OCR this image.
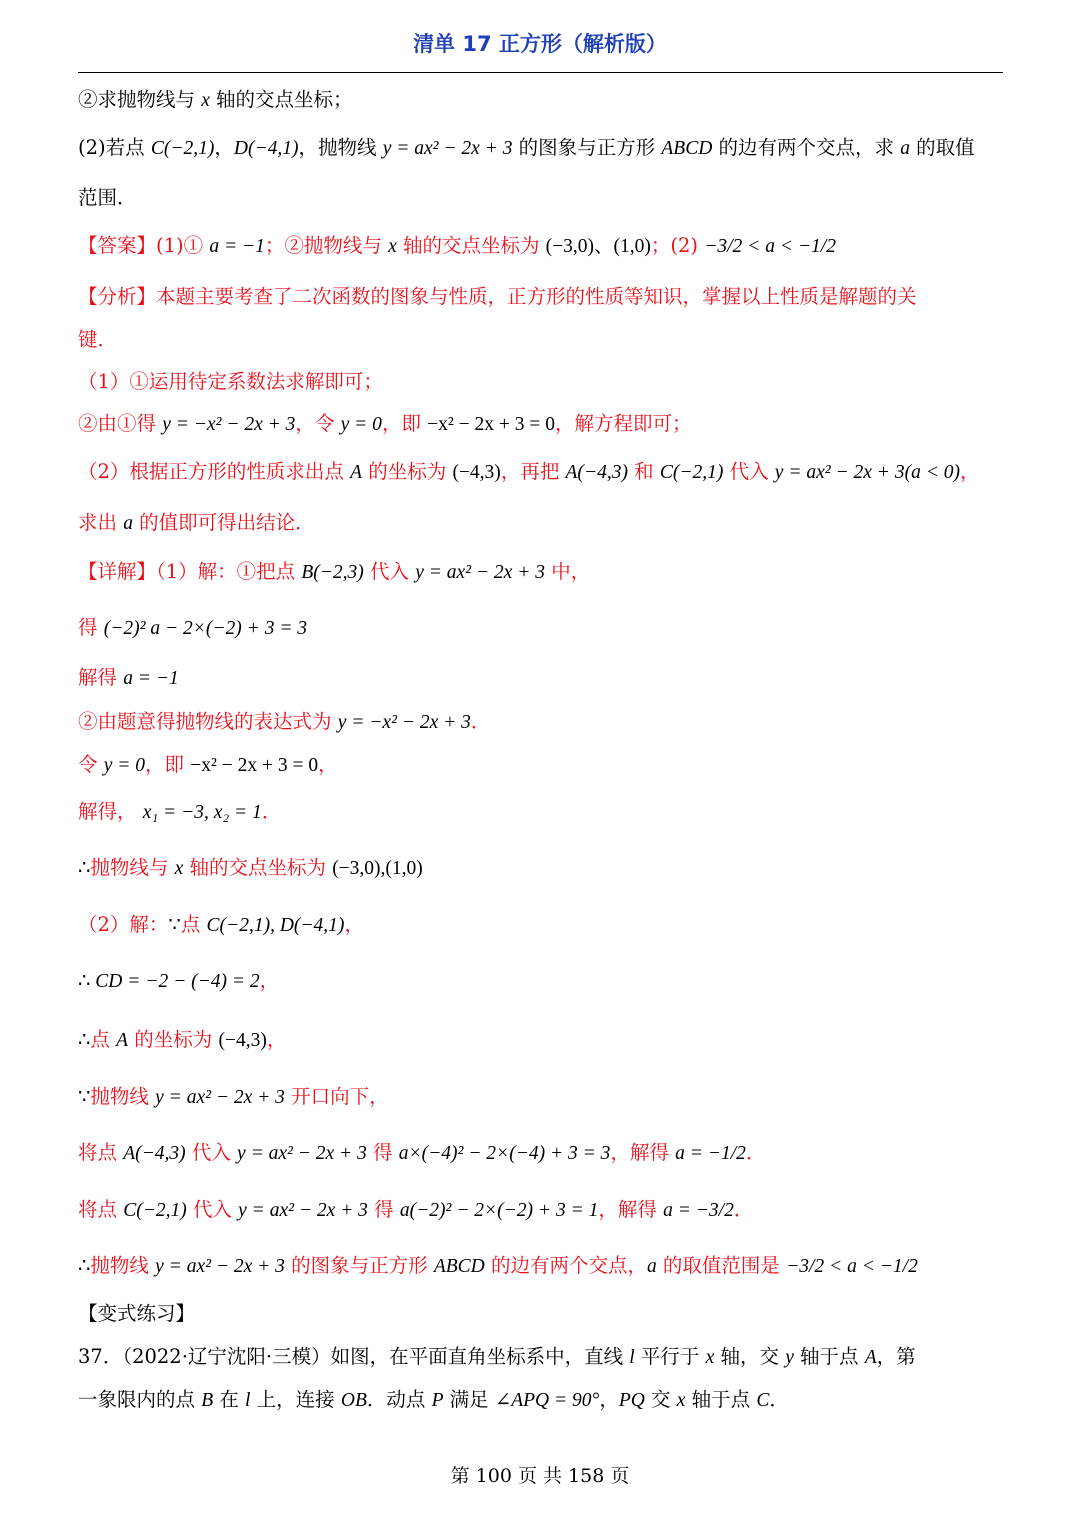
清单 17 正方形（解析版）
②求抛物线与 x 轴的交点坐标；
(2)若点 C(−2,1)，D(−4,1)，抛物线 y = ax² − 2x + 3 的图象与正方形 ABCD 的边有两个交点，求 a 的取值
范围．
【答案】(1)① a = −1；②抛物线与 x 轴的交点坐标为 (−3,0)、(1,0)；(2) −3/2 < a < −1/2
【分析】本题主要考查了二次函数的图象与性质，正方形的性质等知识，掌握以上性质是解题的关
键．
（1）①运用待定系数法求解即可；
②由①得 y = −x² − 2x + 3，令 y = 0，即 −x² − 2x + 3 = 0，解方程即可；
（2）根据正方形的性质求出点 A 的坐标为 (−4,3)，再把 A(−4,3) 和 C(−2,1) 代入 y = ax² − 2x + 3(a < 0)，
求出 a 的值即可得出结论．
【详解】（1）解：①把点 B(−2,3) 代入 y = ax² − 2x + 3 中，
得 (−2)² a − 2×(−2) + 3 = 3
解得 a = −1
②由题意得抛物线的表达式为 y = −x² − 2x + 3．
令 y = 0，即 −x² − 2x + 3 = 0，
解得， x₁ = −3, x₂ = 1．
∴抛物线与 x 轴的交点坐标为 (−3,0),(1,0)
（2）解：∵点 C(−2,1), D(−4,1)，
∴ CD = −2 − (−4) = 2，
∴点 A 的坐标为 (−4,3)，
∵抛物线 y = ax² − 2x + 3 开口向下，
将点 A(−4,3) 代入 y = ax² − 2x + 3 得 a×(−4)² − 2×(−4) + 3 = 3，解得 a = −1/2．
将点 C(−2,1) 代入 y = ax² − 2x + 3 得 a(−2)² − 2×(−2) + 3 = 1，解得 a = −3/2．
∴抛物线 y = ax² − 2x + 3 的图象与正方形 ABCD 的边有两个交点，a 的取值范围是 −3/2 < a < −1/2
【变式练习】
37．（2022·辽宁沈阳·三模）如图，在平面直角坐标系中，直线 l 平行于 x 轴，交 y 轴于点 A，第
一象限内的点 B 在 l 上，连接 OB．动点 P 满足 ∠APQ = 90°，PQ 交 x 轴于点 C．
第 100 页 共 158 页
